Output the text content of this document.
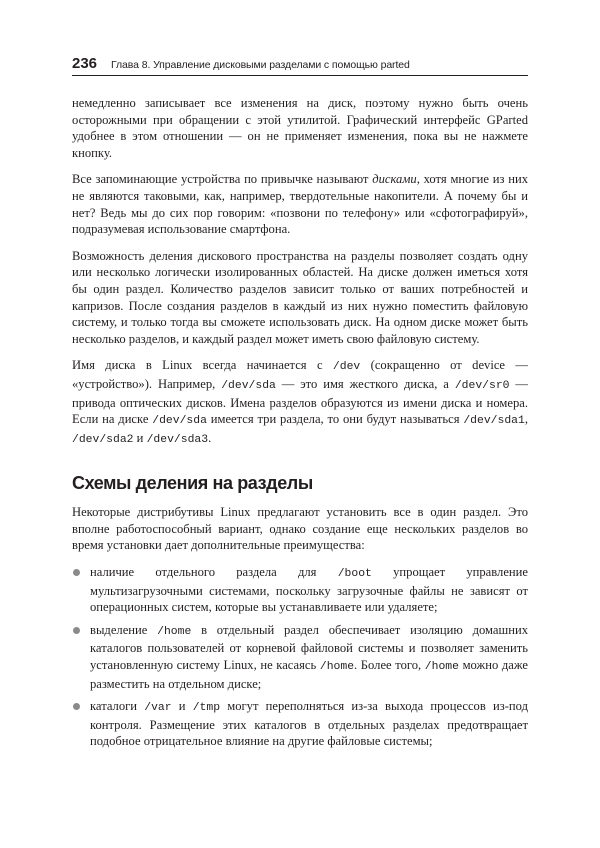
236 Глава 8. Управление дисковыми разделами с помощью parted

немедленно записывает все изменения на диск, поэтому нужно быть очень осторожными при обращении с этой утилитой. Графический интерфейс GParted удобнее в этом отношении — он не применяет изменения, пока вы не нажмете кнопку.

Все запоминающие устройства по привычке называют дисками, хотя многие из них не являются таковыми, как, например, твердотельные накопители. А почему бы и нет? Ведь мы до сих пор говорим: «позвони по телефону» или «сфотографируй», подразумевая использование смартфона.

Возможность деления дискового пространства на разделы позволяет создать одну или несколько логически изолированных областей. На диске должен иметься хотя бы один раздел. Количество разделов зависит только от ваших потребностей и капризов. После создания разделов в каждый из них нужно поместить файловую систему, и только тогда вы сможете использовать диск. На одном диске может быть несколько разделов, и каждый раздел может иметь свою файловую систему.

Имя диска в Linux всегда начинается с /dev (сокращенно от device — «устройство»). Например, /dev/sda — это имя жесткого диска, а /dev/sr0 — привода оптических дисков. Имена разделов образуются из имени диска и номера. Если на диске /dev/sda имеется три раздела, то они будут называться /dev/sda1, /dev/sda2 и /dev/sda3.

Схемы деления на разделы

Некоторые дистрибутивы Linux предлагают установить все в один раздел. Это вполне работоспособный вариант, однако создание еще нескольких разделов во время установки дает дополнительные преимущества:

наличие отдельного раздела для /boot упрощает управление мультизагрузочными системами, поскольку загрузочные файлы не зависят от операционных систем, которые вы устанавливаете или удаляете;
выделение /home в отдельный раздел обеспечивает изоляцию домашних каталогов пользователей от корневой файловой системы и позволяет заменить установленную систему Linux, не касаясь /home. Более того, /home можно даже разместить на отдельном диске;
каталоги /var и /tmp могут переполняться из-за выхода процессов из-под контроля. Размещение этих каталогов в отдельных разделах предотвращает подобное отрицательное влияние на другие файловые системы;
